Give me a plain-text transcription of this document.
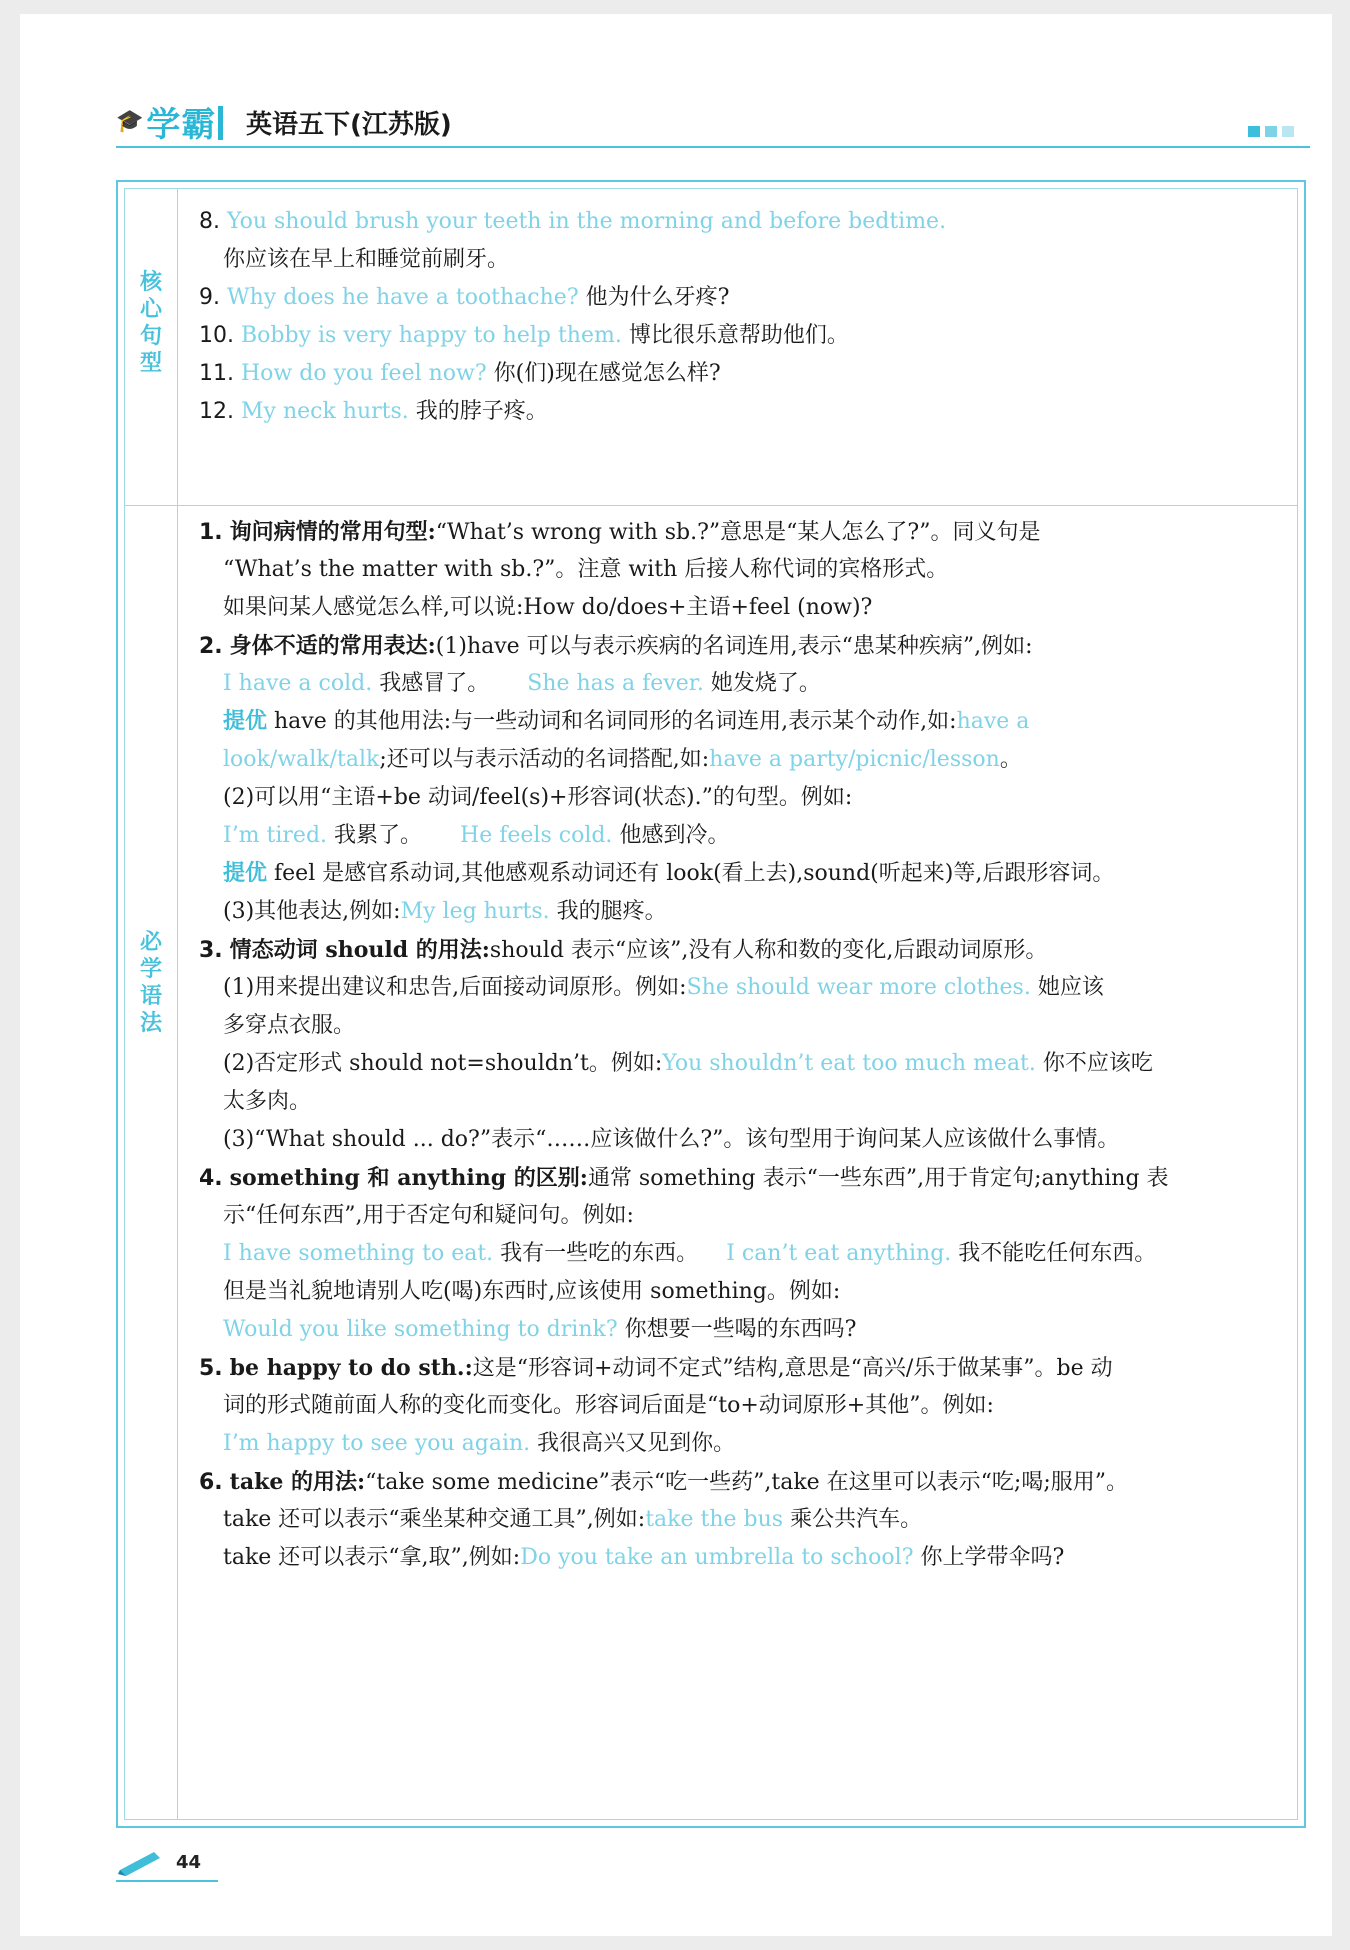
🎓 学霸 英语五下(江苏版)
核
心
句
型
必
学
语
法
8. You should brush your teeth in the morning and before bedtime.
你应该在早上和睡觉前刷牙。
9. Why does he have a toothache? 他为什么牙疼?
10. Bobby is very happy to help them. 博比很乐意帮助他们。
11. How do you feel now? 你(们)现在感觉怎么样?
12. My neck hurts. 我的脖子疼。
1. 询问病情的常用句型:“What’s wrong with sb.?”意思是“某人怎么了?”。同义句是
“What’s the matter with sb.?”。注意 with 后接人称代词的宾格形式。
如果问某人感觉怎么样,可以说:How do/does+主语+feel (now)?
2. 身体不适的常用表达:(1)have 可以与表示疾病的名词连用,表示“患某种疾病”,例如:
I have a cold. 我感冒了。 She has a fever. 她发烧了。
提优 have 的其他用法:与一些动词和名词同形的名词连用,表示某个动作,如:have a
look/walk/talk;还可以与表示活动的名词搭配,如:have a party/picnic/lesson。
(2)可以用“主语+be 动词/feel(s)+形容词(状态).”的句型。例如:
I’m tired. 我累了。 He feels cold. 他感到冷。
提优 feel 是感官系动词,其他感观系动词还有 look(看上去),sound(听起来)等,后跟形容词。
(3)其他表达,例如:My leg hurts. 我的腿疼。
3. 情态动词 should 的用法:should 表示“应该”,没有人称和数的变化,后跟动词原形。
(1)用来提出建议和忠告,后面接动词原形。例如:She should wear more clothes. 她应该
多穿点衣服。
(2)否定形式 should not=shouldn’t。例如:You shouldn’t eat too much meat. 你不应该吃
太多肉。
(3)“What should ... do?”表示“……应该做什么?”。该句型用于询问某人应该做什么事情。
4. something 和 anything 的区别:通常 something 表示“一些东西”,用于肯定句;anything 表
示“任何东西”,用于否定句和疑问句。例如:
I have something to eat. 我有一些吃的东西。 I can’t eat anything. 我不能吃任何东西。
但是当礼貌地请别人吃(喝)东西时,应该使用 something。例如:
Would you like something to drink? 你想要一些喝的东西吗?
5. be happy to do sth.:这是“形容词+动词不定式”结构,意思是“高兴/乐于做某事”。be 动
词的形式随前面人称的变化而变化。形容词后面是“to+动词原形+其他”。例如:
I’m happy to see you again. 我很高兴又见到你。
6. take 的用法:“take some medicine”表示“吃一些药”,take 在这里可以表示“吃;喝;服用”。
take 还可以表示“乘坐某种交通工具”,例如:take the bus 乘公共汽车。
take 还可以表示“拿,取”,例如:Do you take an umbrella to school? 你上学带伞吗?
44
